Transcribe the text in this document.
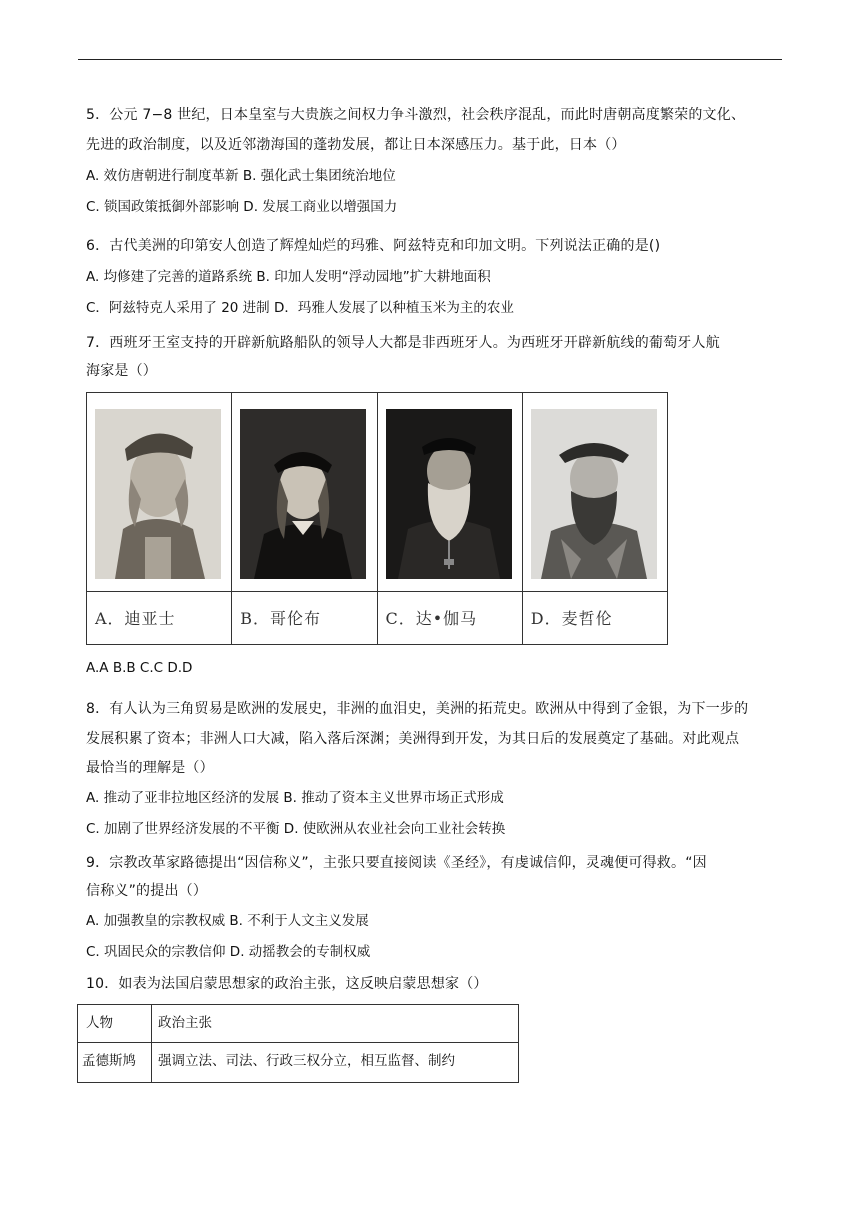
5．公元 7−8 世纪，日本皇室与大贵族之间权力争斗激烈，社会秩序混乱，而此时唐朝高度繁荣的文化、
先进的政治制度，以及近邻渤海国的蓬勃发展，都让日本深感压力。基于此，日本（）
A. 效仿唐朝进行制度革新 B. 强化武士集团统治地位
C. 锁国政策抵御外部影响 D. 发展工商业以增强国力
6．古代美洲的印第安人创造了辉煌灿烂的玛雅、阿兹特克和印加文明。下列说法正确的是()
A. 均修建了完善的道路系统 B. 印加人发明“浮动园地”扩大耕地面积
C．阿兹特克人采用了 20 进制 D．玛雅人发展了以种植玉米为主的农业
7．西班牙王室支持的开辟新航路船队的领导人大都是非西班牙人。为西班牙开辟新航线的葡萄牙人航
海家是（）
A．迪亚士	B．哥伦布	C．达•伽马	D．麦哲伦
A.A B.B C.C D.D
8．有人认为三角贸易是欧洲的发展史，非洲的血泪史，美洲的拓荒史。欧洲从中得到了金银，为下一步的
发展积累了资本；非洲人口大减，陷入落后深渊；美洲得到开发，为其日后的发展奠定了基础。对此观点
最恰当的理解是（）
A. 推动了亚非拉地区经济的发展 B. 推动了资本主义世界市场正式形成
C. 加剧了世界经济发展的不平衡 D. 使欧洲从农业社会向工业社会转换
9．宗教改革家路德提出“因信称义”，主张只要直接阅读《圣经》，有虔诚信仰，灵魂便可得救。“因
信称义”的提出（）
A. 加强教皇的宗教权威 B. 不利于人文主义发展
C. 巩固民众的宗教信仰 D. 动摇教会的专制权威
10．如表为法国启蒙思想家的政治主张，这反映启蒙思想家（）
人物	政治主张
孟德斯鸠 强调立法、司法、行政三权分立，相互监督、制约
